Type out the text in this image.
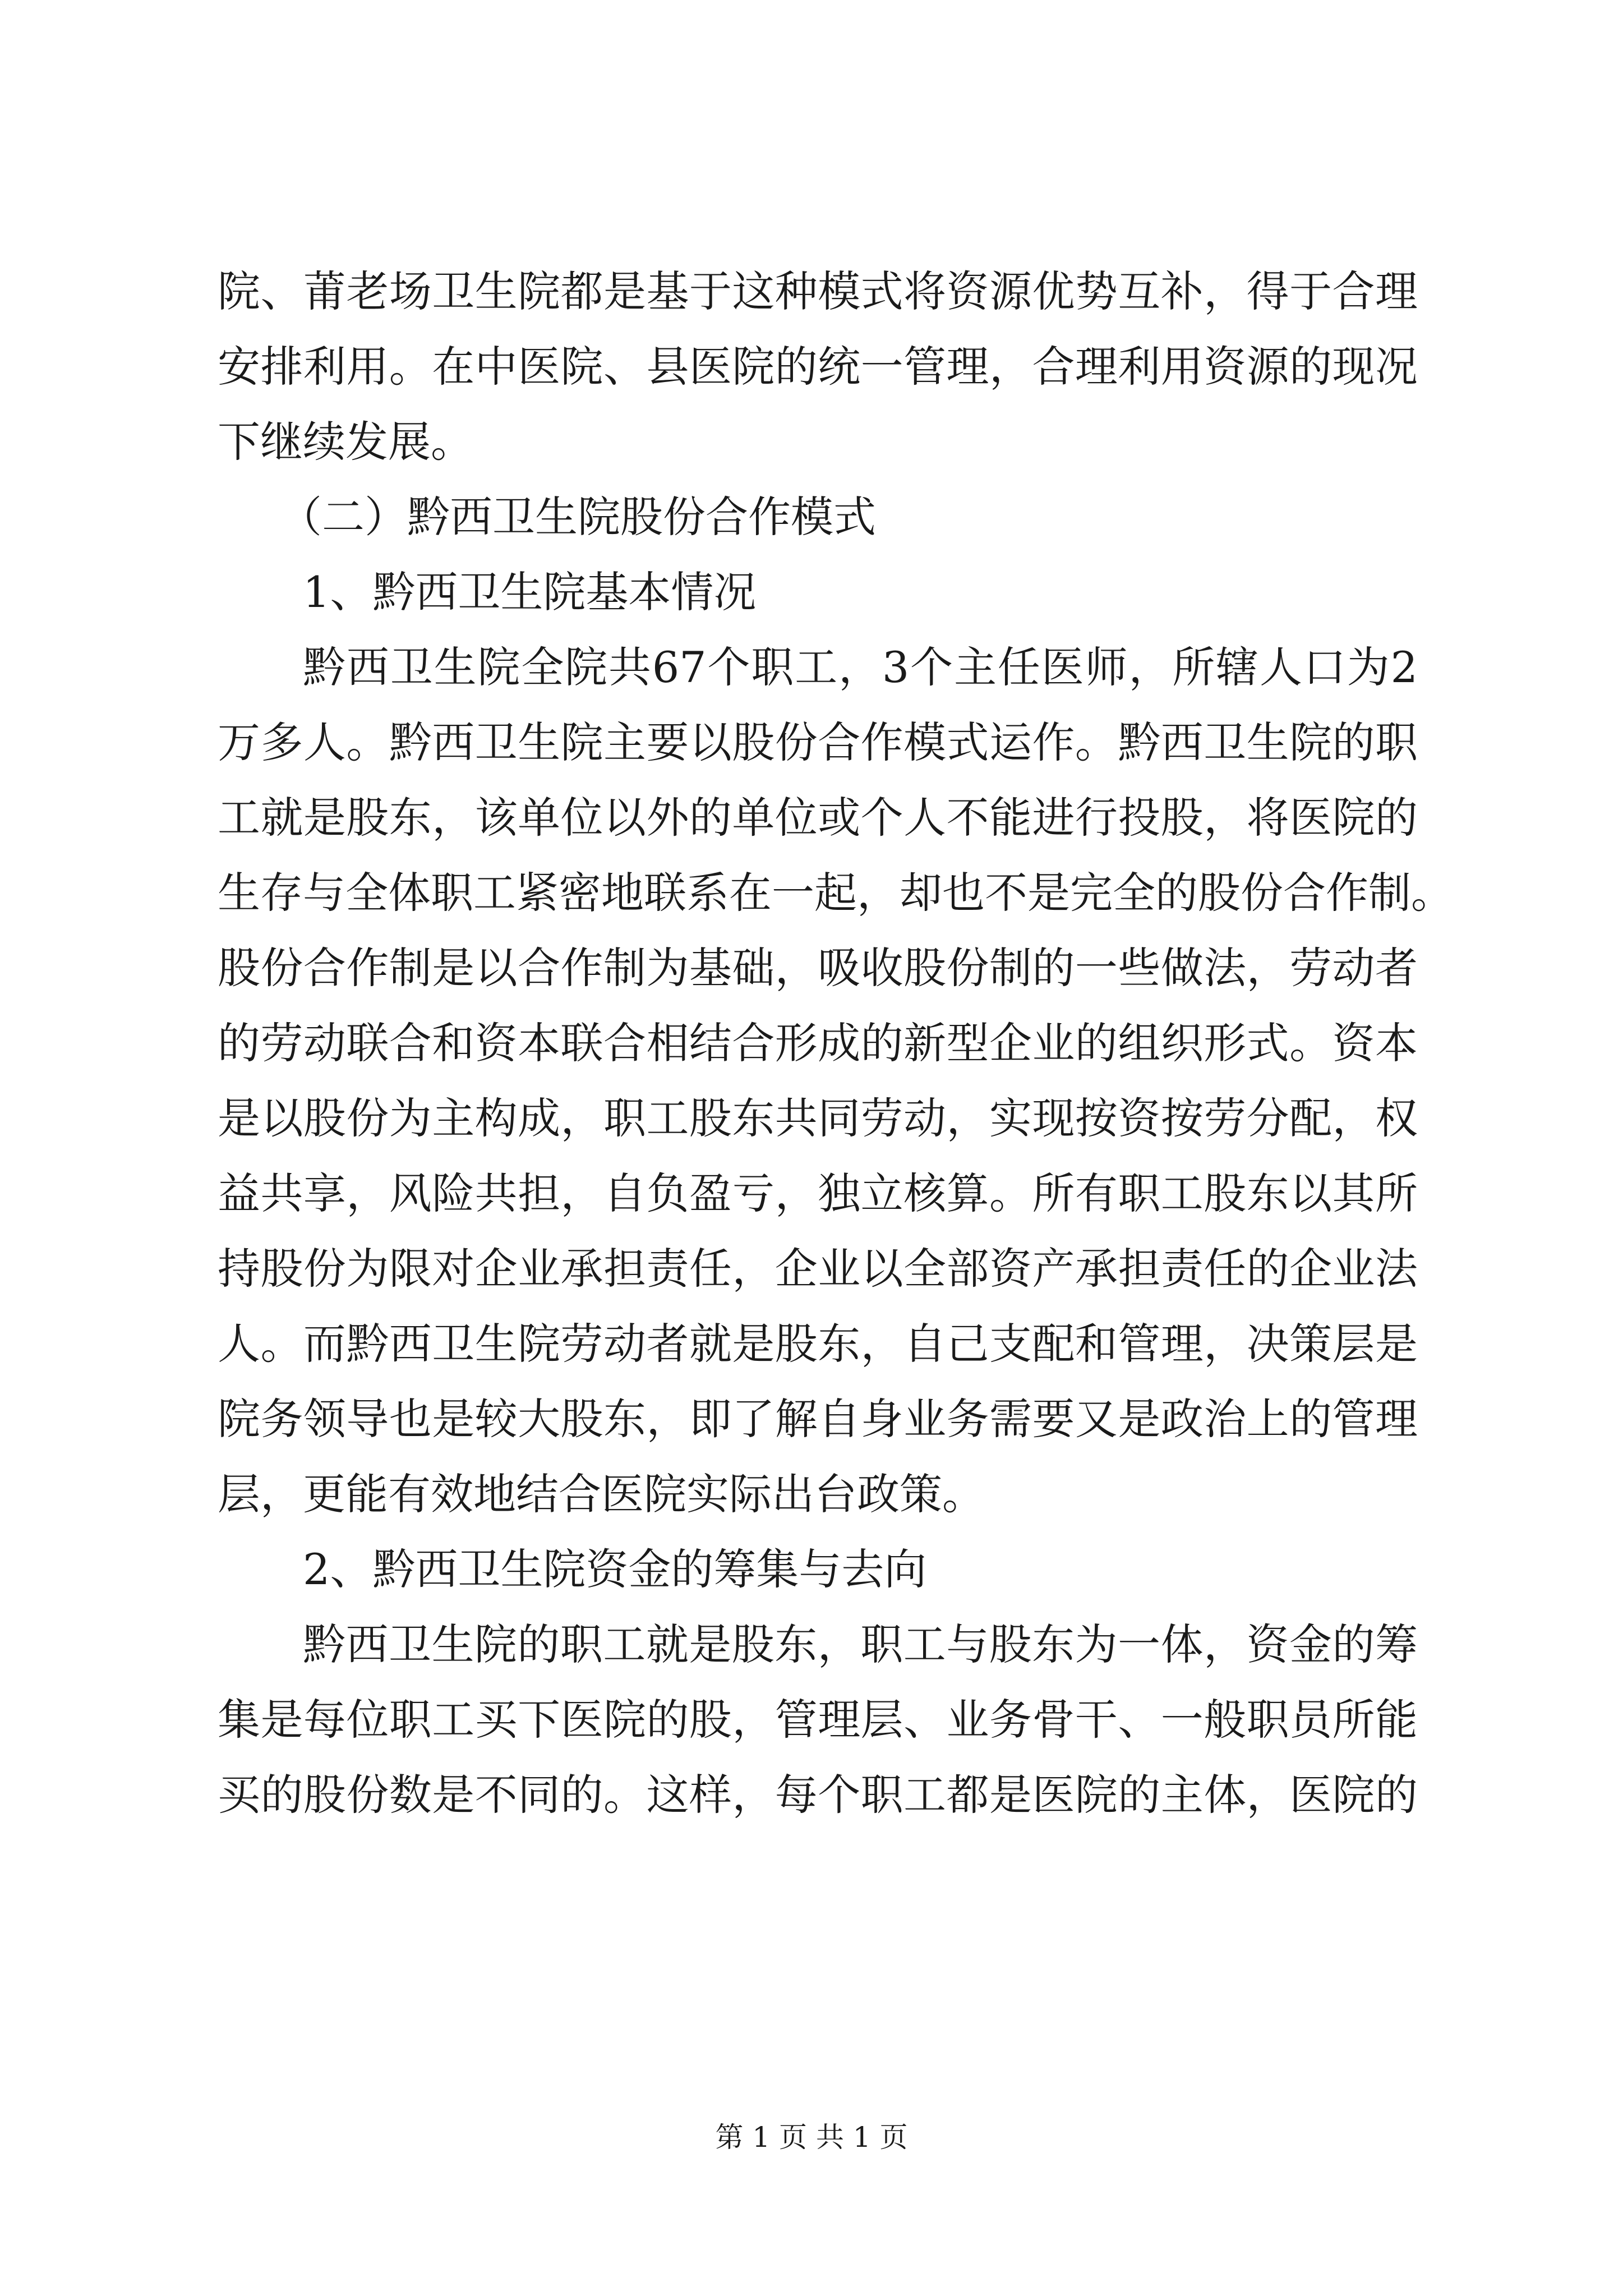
院、莆老场卫生院都是基于这种模式将资源优势互补，得于合理
安排利用。在中医院、县医院的统一管理，合理利用资源的现况
下继续发展。
（二）黔西卫生院股份合作模式
1、黔西卫生院基本情况
黔西卫生院全院共67个职工，3个主任医师，所辖人口为2
万多人。黔西卫生院主要以股份合作模式运作。黔西卫生院的职
工就是股东，该单位以外的单位或个人不能进行投股，将医院的
生存与全体职工紧密地联系在一起，却也不是完全的股份合作制。
股份合作制是以合作制为基础，吸收股份制的一些做法，劳动者
的劳动联合和资本联合相结合形成的新型企业的组织形式。资本
是以股份为主构成，职工股东共同劳动，实现按资按劳分配，权
益共享，风险共担，自负盈亏，独立核算。所有职工股东以其所
持股份为限对企业承担责任，企业以全部资产承担责任的企业法
人。而黔西卫生院劳动者就是股东，自己支配和管理，决策层是
院务领导也是较大股东，即了解自身业务需要又是政治上的管理
层，更能有效地结合医院实际出台政策。
2、黔西卫生院资金的筹集与去向
黔西卫生院的职工就是股东，职工与股东为一体，资金的筹
集是每位职工买下医院的股，管理层、业务骨干、一般职员所能
买的股份数是不同的。这样，每个职工都是医院的主体，医院的
第 1 页 共 1 页
